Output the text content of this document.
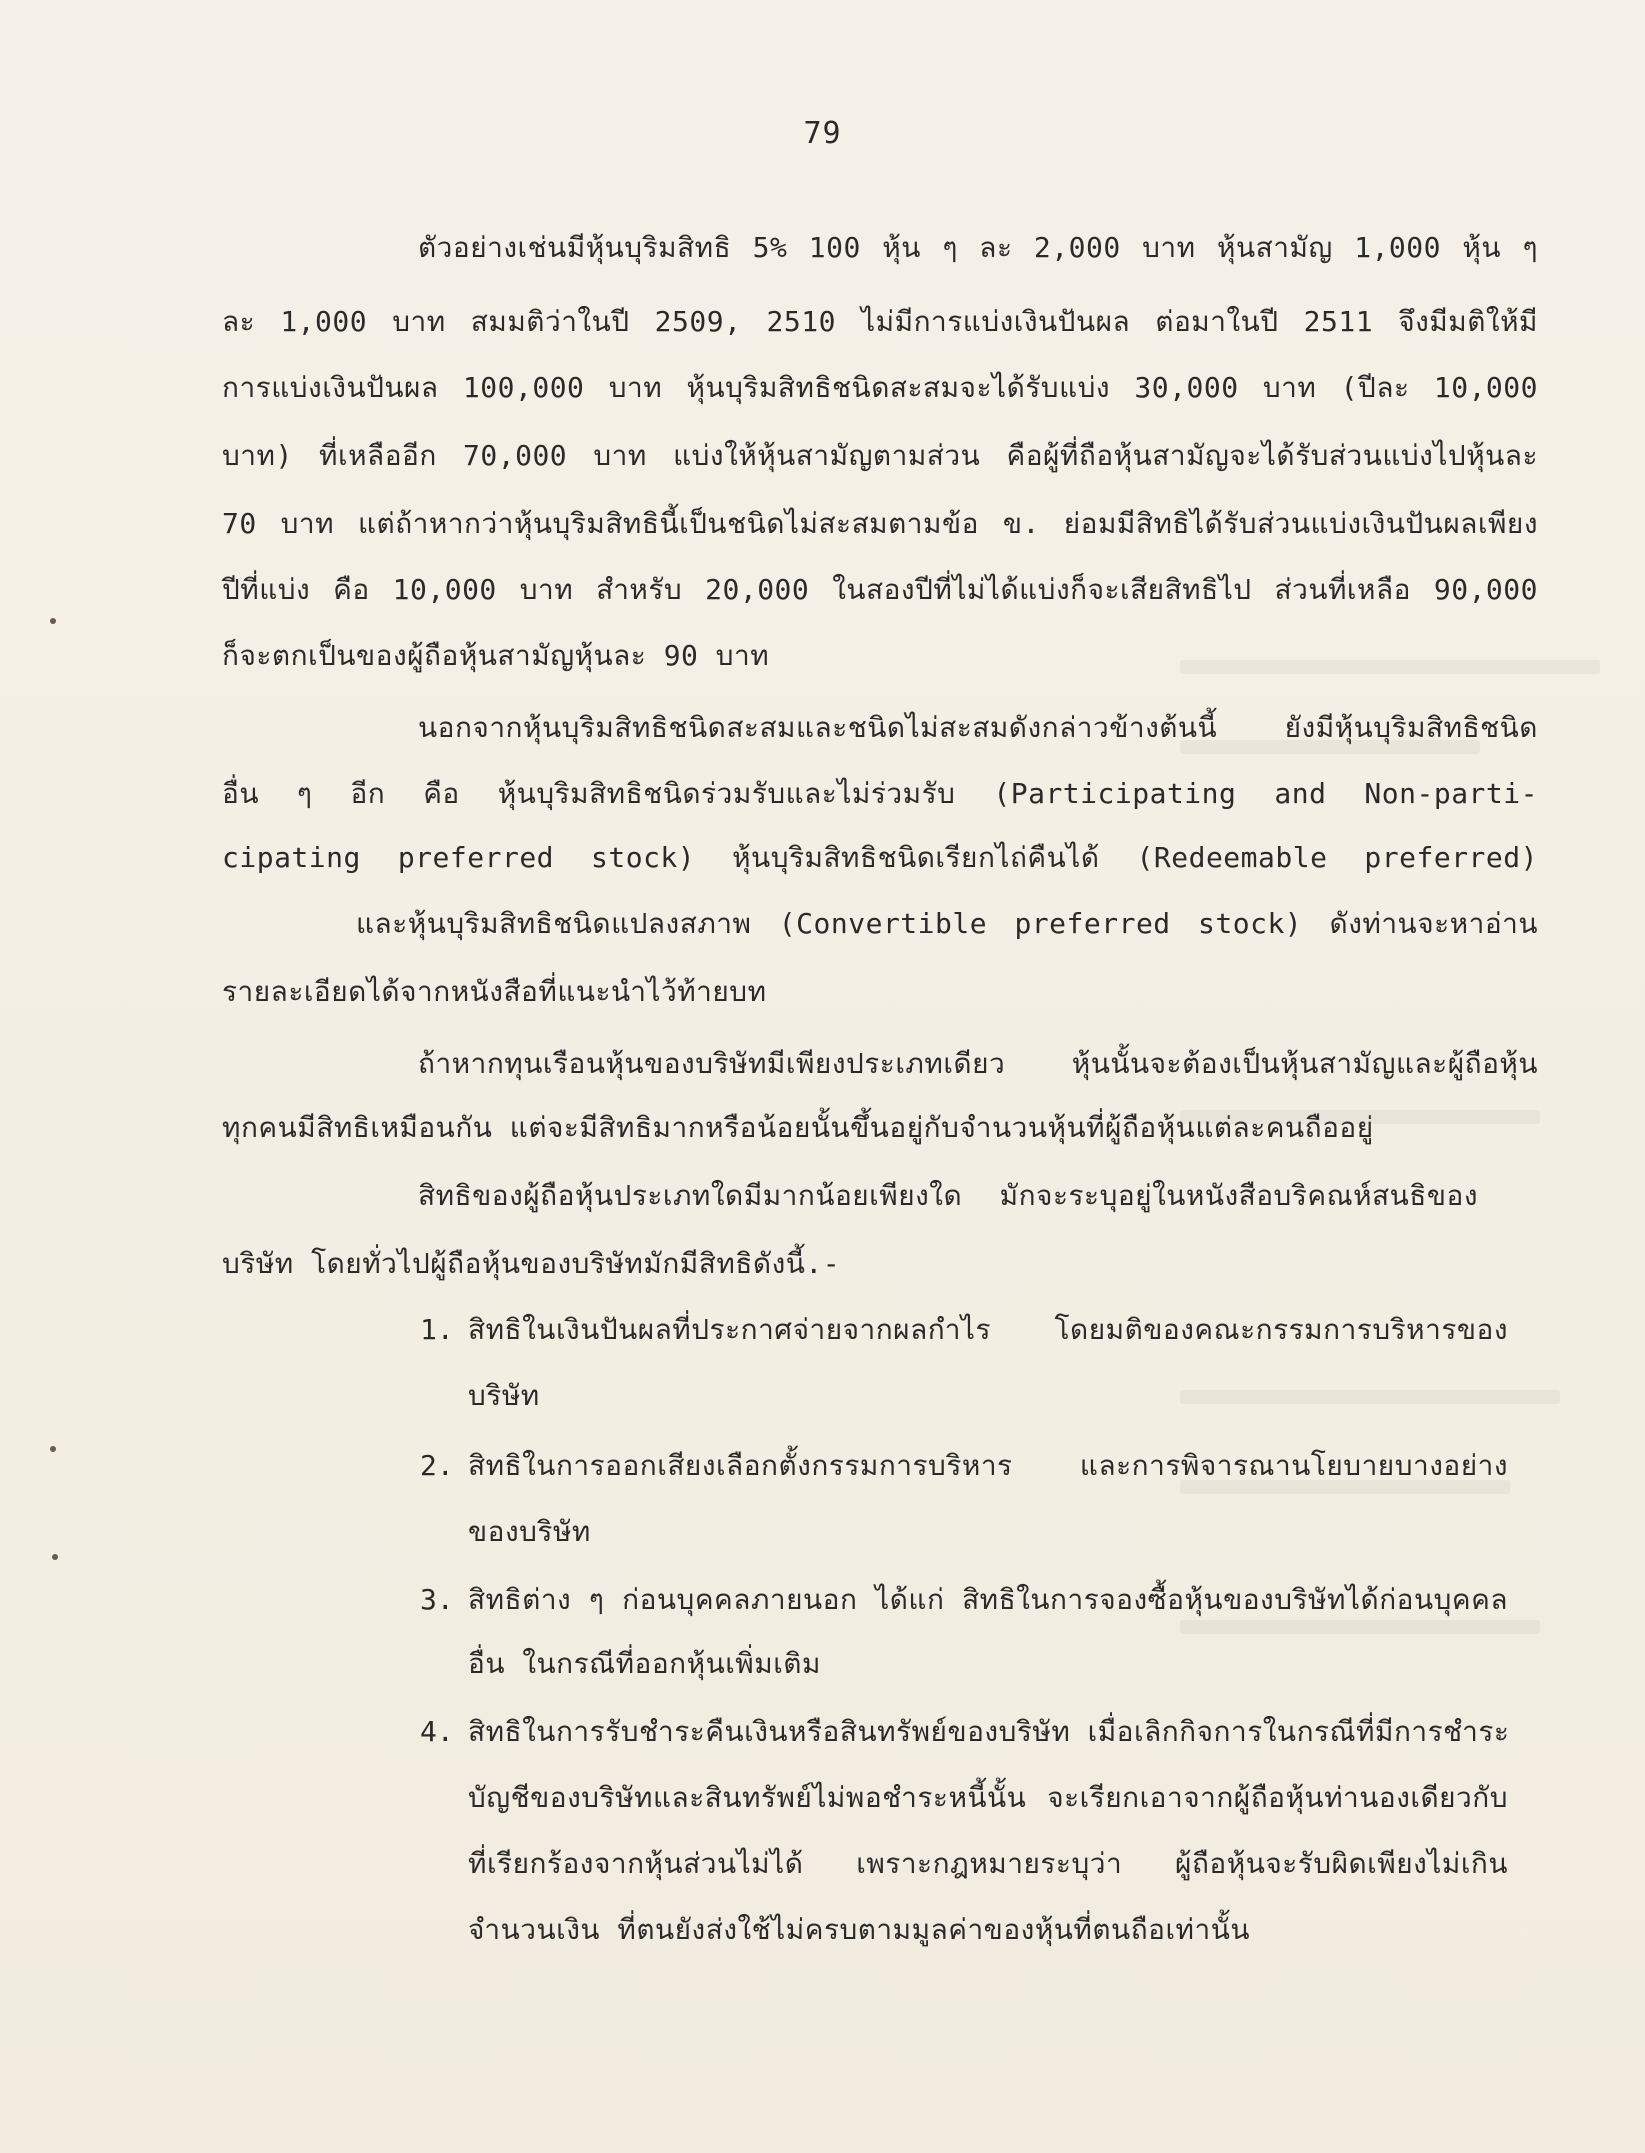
79
ตัวอย่างเช่นมีหุ้นบุริมสิทธิ 5% 100 หุ้น ๆ ละ 2,000 บาท หุ้นสามัญ 1,000 หุ้น ๆ
ละ 1,000 บาท สมมติว่าในปี 2509, 2510 ไม่มีการแบ่งเงินปันผล ต่อมาในปี 2511 จึงมีมติให้มี
การแบ่งเงินปันผล 100,000 บาท หุ้นบุริมสิทธิชนิดสะสมจะได้รับแบ่ง 30,000 บาท (ปีละ 10,000
บาท) ที่เหลืออีก 70,000 บาท แบ่งให้หุ้นสามัญตามส่วน คือผู้ที่ถือหุ้นสามัญจะได้รับส่วนแบ่งไปหุ้นละ
70 บาท แต่ถ้าหากว่าหุ้นบุริมสิทธินี้เป็นชนิดไม่สะสมตามข้อ ข. ย่อมมีสิทธิได้รับส่วนแบ่งเงินปันผลเพียง
ปีที่แบ่ง คือ 10,000 บาท สำหรับ 20,000 ในสองปีที่ไม่ได้แบ่งก็จะเสียสิทธิไป ส่วนที่เหลือ 90,000
ก็จะตกเป็นของผู้ถือหุ้นสามัญหุ้นละ 90 บาท
นอกจากหุ้นบุริมสิทธิชนิดสะสมและชนิดไม่สะสมดังกล่าวข้างต้นนี้ ยังมีหุ้นบุริมสิทธิชนิด
อื่น ๆ อีก คือ หุ้นบุริมสิทธิชนิดร่วมรับและไม่ร่วมรับ (Participating and Non-parti-
cipating preferred stock) หุ้นบุริมสิทธิชนิดเรียกไถ่คืนได้ (Redeemable preferred)
และหุ้นบุริมสิทธิชนิดแปลงสภาพ (Convertible preferred stock) ดังท่านจะหาอ่าน
รายละเอียดได้จากหนังสือที่แนะนำไว้ท้ายบท
ถ้าหากทุนเรือนหุ้นของบริษัทมีเพียงประเภทเดียว หุ้นนั้นจะต้องเป็นหุ้นสามัญและผู้ถือหุ้น
ทุกคนมีสิทธิเหมือนกัน แต่จะมีสิทธิมากหรือน้อยนั้นขึ้นอยู่กับจำนวนหุ้นที่ผู้ถือหุ้นแต่ละคนถืออยู่
สิทธิของผู้ถือหุ้นประเภทใดมีมากน้อยเพียงใด มักจะระบุอยู่ในหนังสือบริคณห์สนธิของ
บริษัท โดยทั่วไปผู้ถือหุ้นของบริษัทมักมีสิทธิดังนี้.-
1. สิทธิในเงินปันผลที่ประกาศจ่ายจากผลกำไร โดยมติของคณะกรรมการบริหารของ
บริษัท
2. สิทธิในการออกเสียงเลือกตั้งกรรมการบริหาร และการพิจารณานโยบายบางอย่าง
ของบริษัท
3. สิทธิต่าง ๆ ก่อนบุคคลภายนอก ได้แก่ สิทธิในการจองซื้อหุ้นของบริษัทได้ก่อนบุคคล
อื่น ในกรณีที่ออกหุ้นเพิ่มเติม
4. สิทธิในการรับชำระคืนเงินหรือสินทรัพย์ของบริษัท เมื่อเลิกกิจการในกรณีที่มีการชำระ
บัญชีของบริษัทและสินทรัพย์ไม่พอชำระหนี้นั้น จะเรียกเอาจากผู้ถือหุ้นท่านองเดียวกับ
ที่เรียกร้องจากหุ้นส่วนไม่ได้ เพราะกฎหมายระบุว่า ผู้ถือหุ้นจะรับผิดเพียงไม่เกิน
จำนวนเงิน ที่ตนยังส่งใช้ไม่ครบตามมูลค่าของหุ้นที่ตนถือเท่านั้น
